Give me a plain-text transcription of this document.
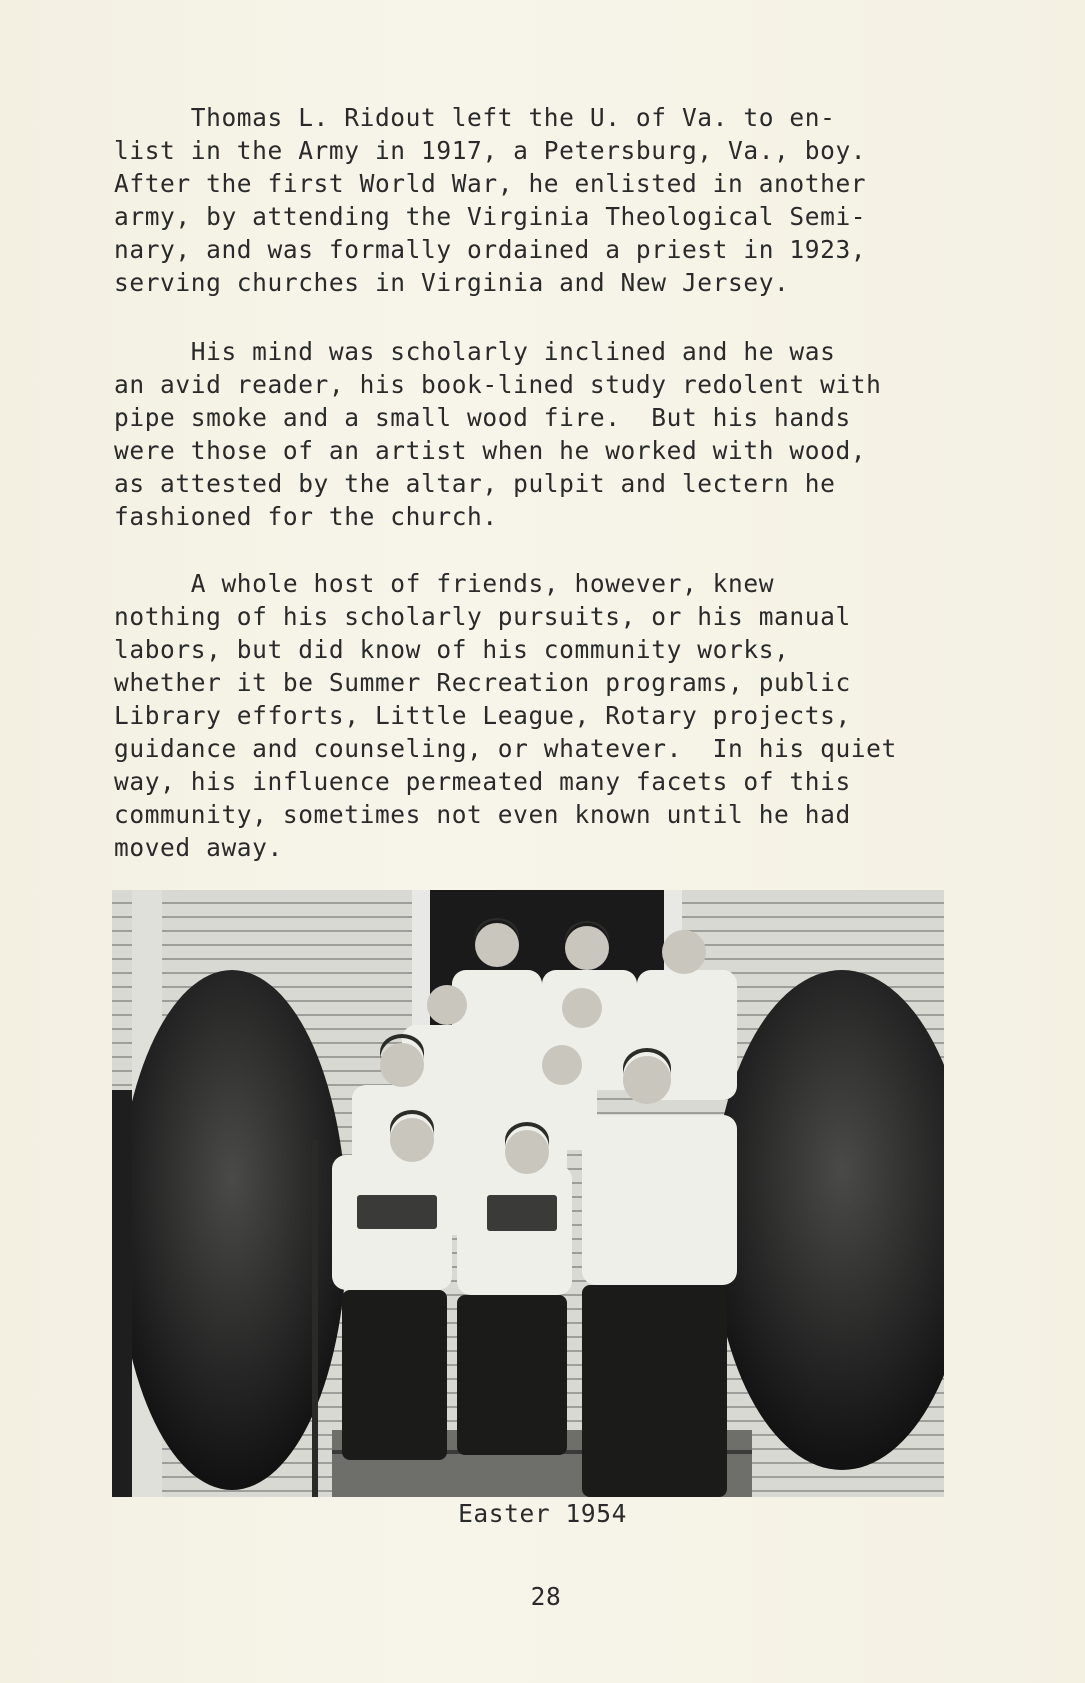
Thomas L. Ridout left the U. of Va. to en-
list in the Army in 1917, a Petersburg, Va., boy.
After the first World War, he enlisted in another
army, by attending the Virginia Theological Semi-
nary, and was formally ordained a priest in 1923,
serving churches in Virginia and New Jersey.
His mind was scholarly inclined and he was
an avid reader, his book-lined study redolent with
pipe smoke and a small wood fire.  But his hands
were those of an artist when he worked with wood,
as attested by the altar, pulpit and lectern he
fashioned for the church.
A whole host of friends, however, knew
nothing of his scholarly pursuits, or his manual
labors, but did know of his community works,
whether it be Summer Recreation programs, public
Library efforts, Little League, Rotary projects,
guidance and counseling, or whatever.  In his quiet
way, his influence permeated many facets of this
community, sometimes not even known until he had
moved away.
Easter 1954
28
